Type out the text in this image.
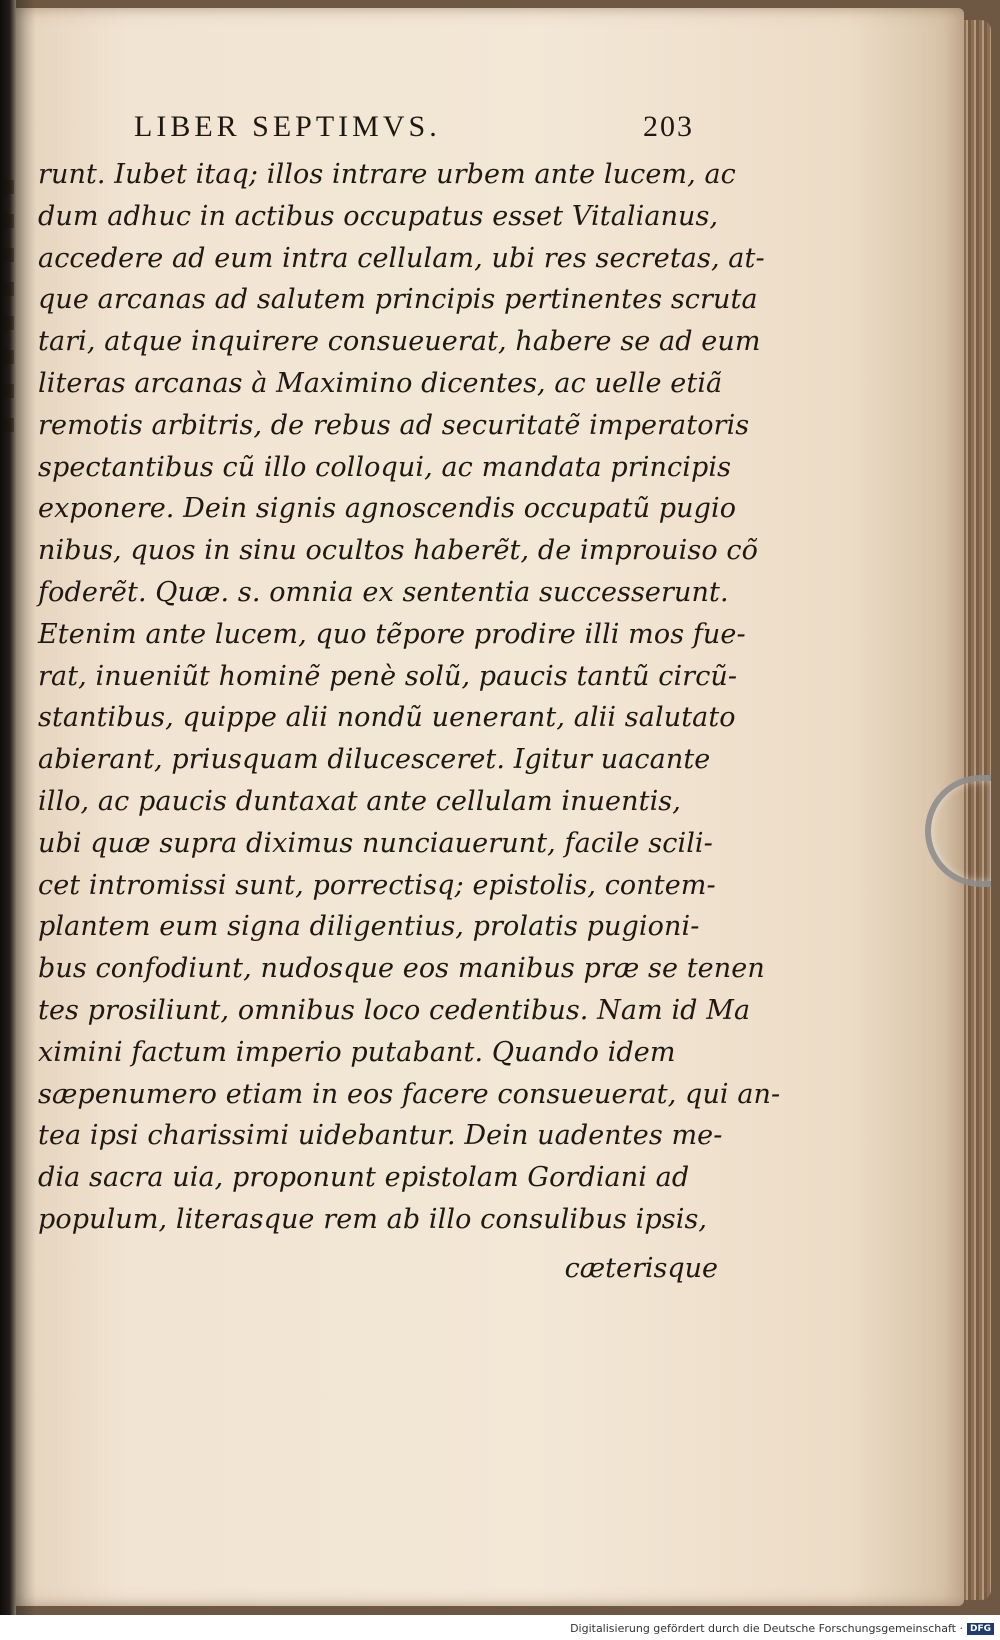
LIBER SEPTIMVS.	203
runt. Iubet itaq; illos intrare urbem ante lucem, ac
dum adhuc in actibus occupatus esset Vitalianus,
accedere ad eum intra cellulam, ubi res secretas, at-
que arcanas ad salutem principis pertinentes scruta
tari, atque inquirere consueuerat, habere se ad eum
literas arcanas à Maximino dicentes, ac uelle etiã
remotis arbitris, de rebus ad securitatẽ imperatoris
spectantibus cũ illo colloqui, ac mandata principis
exponere. Dein signis agnoscendis occupatũ pugio
nibus, quos in sinu ocultos haberẽt, de improuiso cõ
foderẽt. Quæ. s. omnia ex sententia successerunt.
Etenim ante lucem, quo tẽpore prodire illi mos fue-
rat, inueniũt hominẽ penè solũ, paucis tantũ circũ-
stantibus, quippe alii nondũ uenerant, alii salutato
abierant, priusquam dilucesceret. Igitur uacante
illo, ac paucis duntaxat ante cellulam inuentis,
ubi quæ supra diximus nunciauerunt, facile scili-
cet intromissi sunt, porrectisq; epistolis, contem-
plantem eum signa diligentius, prolatis pugioni-
bus confodiunt, nudosque eos manibus præ se tenen
tes prosiliunt, omnibus loco cedentibus. Nam id Ma
ximini factum imperio putabant. Quando idem
sæpenumero etiam in eos facere consueuerat, qui an-
tea ipsi charissimi uidebantur. Dein uadentes me-
dia sacra uia, proponunt epistolam Gordiani ad
populum, literasque rem ab illo consulibus ipsis,
cæterisque
Digitalisierung gefördert durch die Deutsche Forschungsgemeinschaft · DFG
